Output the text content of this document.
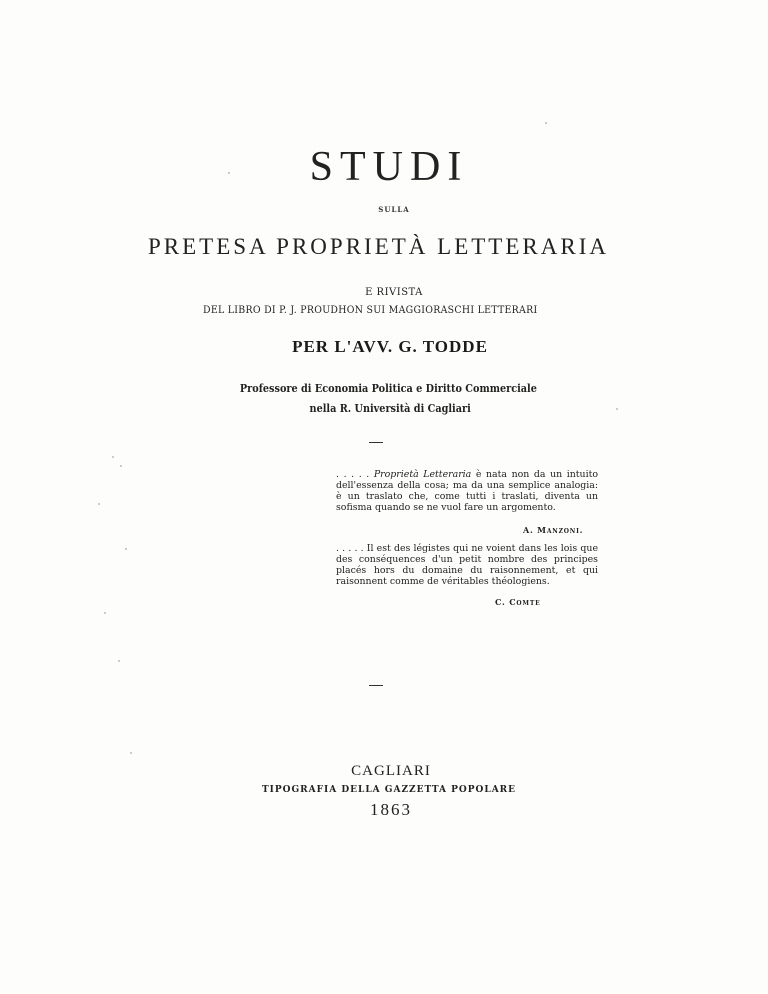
STUDI
SULLA
PRETESA PROPRIETÀ LETTERARIA
E RIVISTA
DEL LIBRO DI P. J. PROUDHON SUI MAGGIORASCHI LETTERARI
PER L'AVV. G. TODDE
Professore di Economia Politica e Diritto Commerciale
nella R. Università di Cagliari
. . . . . Proprietà Letteraria è nata non da un intuito dell'essenza della cosa; ma da una semplice analogia: è un traslato che, come tutti i traslati, diventa un sofisma quando se ne vuol fare un argomento.
A. Manzoni.
. . . . . Il est des légistes qui ne voient dans les lois que des conséquences d'un petit nombre des principes placés hors du domaine du raisonnement, et qui raisonnent comme de véritables théologiens.
C. Comte
CAGLIARI
TIPOGRAFIA DELLA GAZZETTA POPOLARE
1863
